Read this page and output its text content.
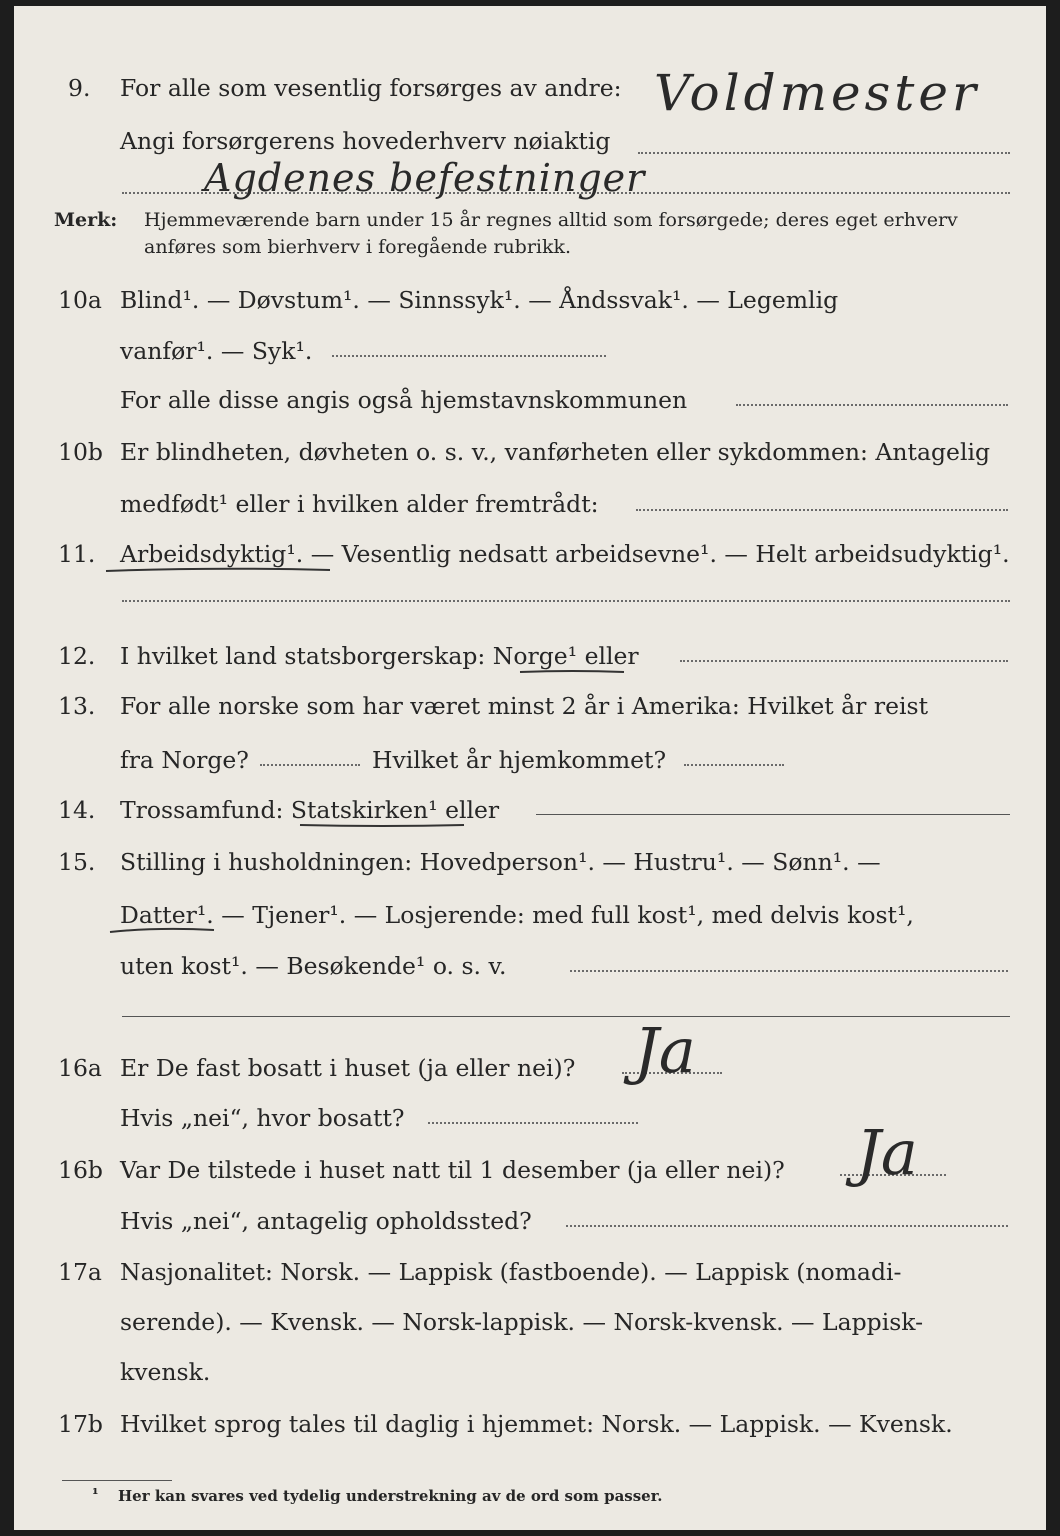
9. For alle som vesentlig forsørges av andre:
Angi forsørgerens hovederhverv nøiaktig
Voldmester
Agdenes befestninger
Merk: Hjemmeværende barn under 15 år regnes alltid som forsørgede; deres eget erhverv
anføres som bierhverv i foregående rubrikk.
10a Blind¹. — Døvstum¹. — Sinnssyk¹. — Åndssvak¹. — Legemlig
vanfør¹. — Syk¹.
For alle disse angis også hjemstavnskommunen
10b Er blindheten, døvheten o. s. v., vanførheten eller sykdommen: Antagelig
medfødt¹ eller i hvilken alder fremtrådt:
11. Arbeidsdyktig¹. — Vesentlig nedsatt arbeidsevne¹. — Helt arbeidsudyktig¹.
12. I hvilket land statsborgerskap: Norge¹ eller
13. For alle norske som har været minst 2 år i Amerika: Hvilket år reist
fra Norge?	Hvilket år hjemkommet?
14. Trossamfund: Statskirken¹ eller
15. Stilling i husholdningen: Hovedperson¹. — Hustru¹. — Sønn¹. —
Datter¹. — Tjener¹. — Losjerende: med full kost¹, med delvis kost¹,
uten kost¹. — Besøkende¹ o. s. v.
16a Er De fast bosatt i huset (ja eller nei)? Ja
Hvis „nei“, hvor bosatt?
16b Var De tilstede i huset natt til 1 desember (ja eller nei)? Ja
Hvis „nei“, antagelig opholdssted?
17a Nasjonalitet: Norsk. — Lappisk (fastboende). — Lappisk (nomadi-
serende). — Kvensk. — Norsk-lappisk. — Norsk-kvensk. — Lappisk-
kvensk.
17b Hvilket sprog tales til daglig i hjemmet: Norsk. — Lappisk. — Kvensk.
¹ Her kan svares ved tydelig understrekning av de ord som passer.
